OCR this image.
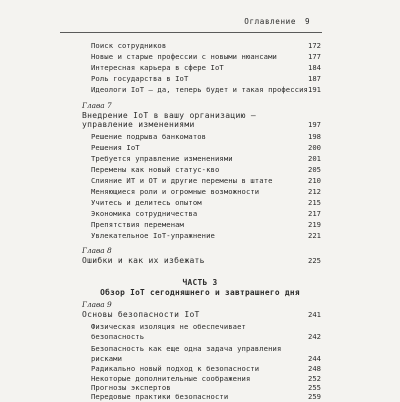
Оглавление 9
Поиск сотрудников	172
Новые и старые профессии с новыми нюансами	177
Интересная карьера в сфере IoT	184
Роль государства в IoT	187
Идеологи IoT – да, теперь будет и такая профессия 191
Глава 7
Внедрение IoT в вашу организацию —
управление изменениями	197
Решение подрыва банкоматов	198
Решения IoT	200
Требуется управление изменениями	201
Перемены как новый статус-кво	205
Слияние ИТ и ОТ и другие перемены в штате	210
Меняющиеся роли и огромные возможности	212
Учитесь и делитесь опытом	215
Экономика сотрудничества	217
Препятствия переменам	219
Увлекательное IoT-упражнение	221
Глава 8
Ошибки и как их избежать	225
ЧАСТЬ 3
Обзор IoT сегодняшнего и завтрашнего дня
Глава 9
Основы безопасности IoT	241
Физическая изоляция не обеспечивает
безопасность	242
Безопасность как еще одна задача управления
рисками	244
Радикально новый подход к безопасности	248
Некоторые дополнительные соображения	252
Прогнозы экспертов	255
Передовые практики безопасности	259
